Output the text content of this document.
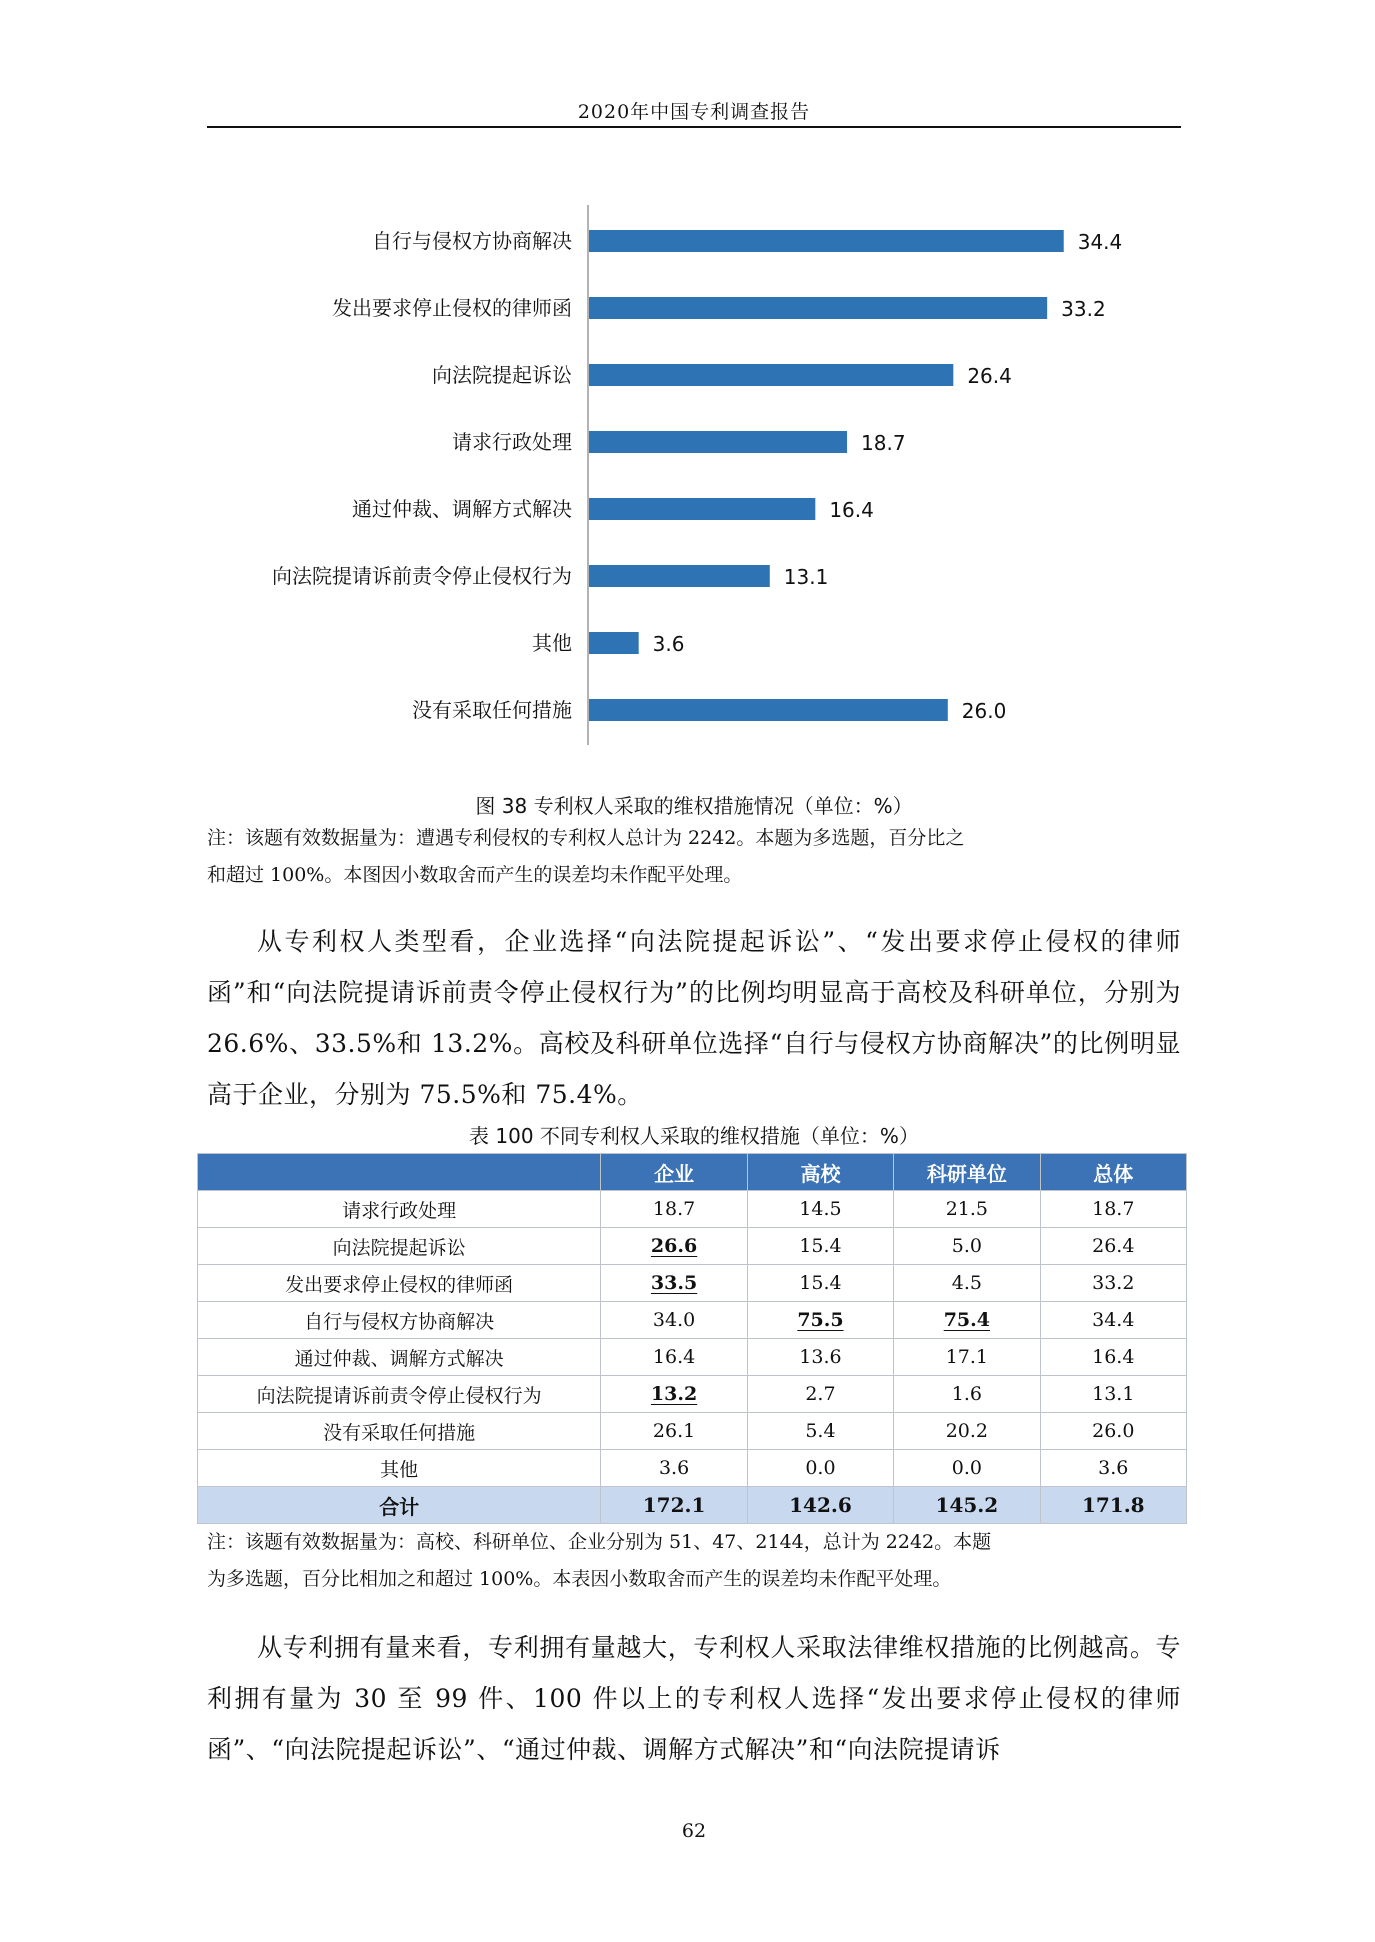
2020年中国专利调查报告
自行与侵权方协商解决	34.4
发出要求停止侵权的律师函	33.2
向法院提起诉讼	26.4
请求行政处理	18.7
通过仲裁、调解方式解决	16.4
向法院提请诉前责令停止侵权行为	13.1
其他	3.6
没有采取任何措施	26.0
图 38 专利权人采取的维权措施情况（单位：%）
注：该题有效数据量为：遭遇专利侵权的专利权人总计为 2242。本题为多选题，百分比之
和超过 100%。本图因小数取舍而产生的误差均未作配平处理。

从专利权人类型看，企业选择“向法院提起诉讼”、“发出要求停止侵权的律师函”和“向法院提请诉前责令停止侵权行为”的比例均明显高于高校及科研单位，分别为 26.6%、33.5%和 13.2%。高校及科研单位选择“自行与侵权方协商解决”的比例明显高于企业，分别为 75.5%和 75.4%。

表 100 不同专利权人采取的维权措施（单位：%）
	企业	高校	科研单位	总体
请求行政处理	18.7	14.5	21.5	18.7
向法院提起诉讼	26.6	15.4	5.0	26.4
发出要求停止侵权的律师函	33.5	15.4	4.5	33.2
自行与侵权方协商解决	34.0	75.5	75.4	34.4
通过仲裁、调解方式解决	16.4	13.6	17.1	16.4
向法院提请诉前责令停止侵权行为	13.2	2.7	1.6	13.1
没有采取任何措施	26.1	5.4	20.2	26.0
其他	3.6	0.0	0.0	3.6
合计	172.1	142.6	145.2	171.8
注：该题有效数据量为：高校、科研单位、企业分别为 51、47、2144，总计为 2242。本题
为多选题，百分比相加之和超过 100%。本表因小数取舍而产生的误差均未作配平处理。

从专利拥有量来看，专利拥有量越大，专利权人采取法律维权措施的比例越高。专利拥有量为 30 至 99 件、100 件以上的专利权人选择“发出要求停止侵权的律师函”、“向法院提起诉讼”、“通过仲裁、调解方式解决”和“向法院提请诉

62
